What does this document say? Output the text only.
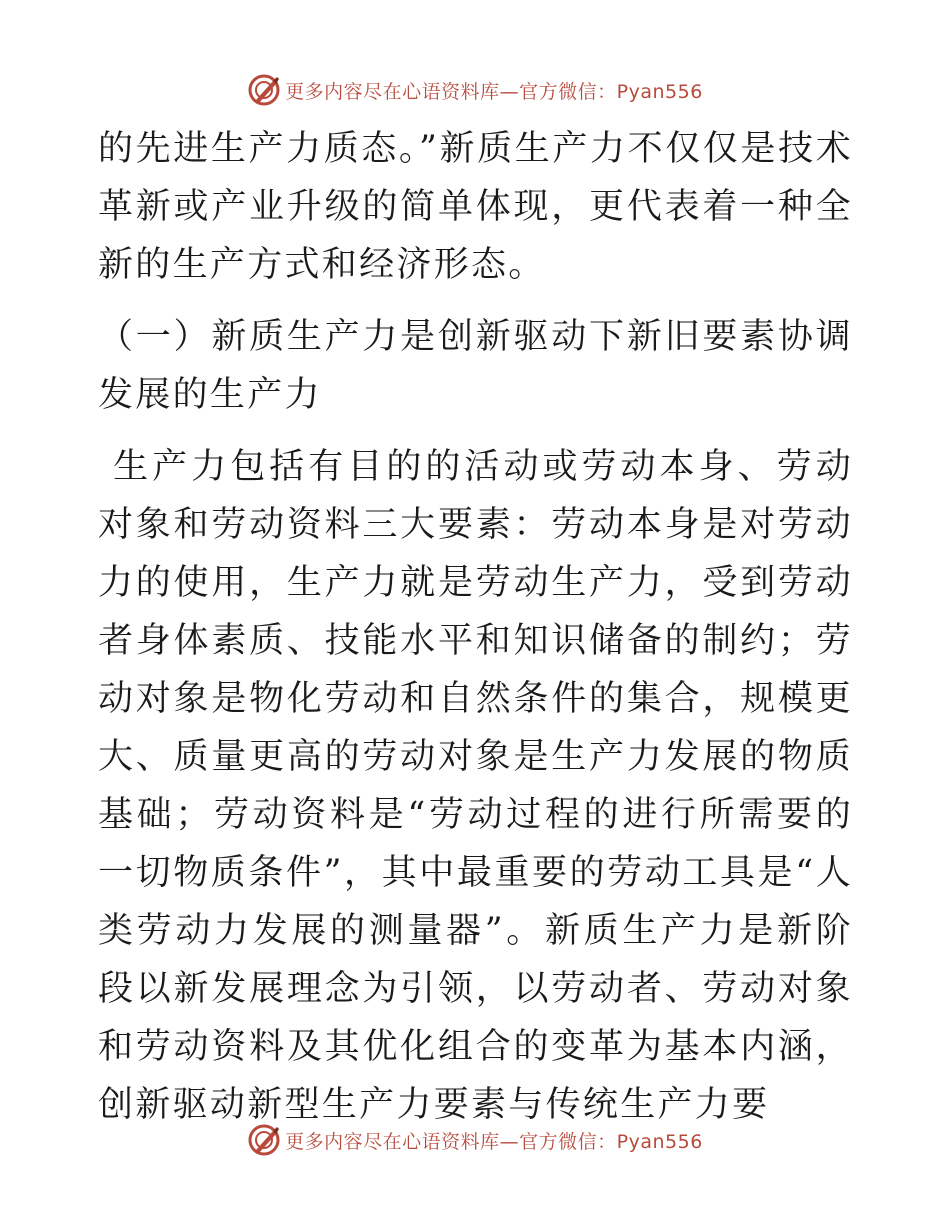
更多内容尽在心语资料库—官方微信：Pyan556

的先进生产力质态。”新质生产力不仅仅是技术革新或产业升级的简单体现，更代表着一种全新的生产方式和经济形态。

（一）新质生产力是创新驱动下新旧要素协调发展的生产力

生产力包括有目的的活动或劳动本身、劳动对象和劳动资料三大要素：劳动本身是对劳动力的使用，生产力就是劳动生产力，受到劳动者身体素质、技能水平和知识储备的制约；劳动对象是物化劳动和自然条件的集合，规模更大、质量更高的劳动对象是生产力发展的物质基础；劳动资料是“劳动过程的进行所需要的一切物质条件”，其中最重要的劳动工具是“人类劳动力发展的测量器”。新质生产力是新阶段以新发展理念为引领，以劳动者、劳动对象和劳动资料及其优化组合的变革为基本内涵，创新驱动新型生产力要素与传统生产力要

更多内容尽在心语资料库—官方微信：Pyan556
